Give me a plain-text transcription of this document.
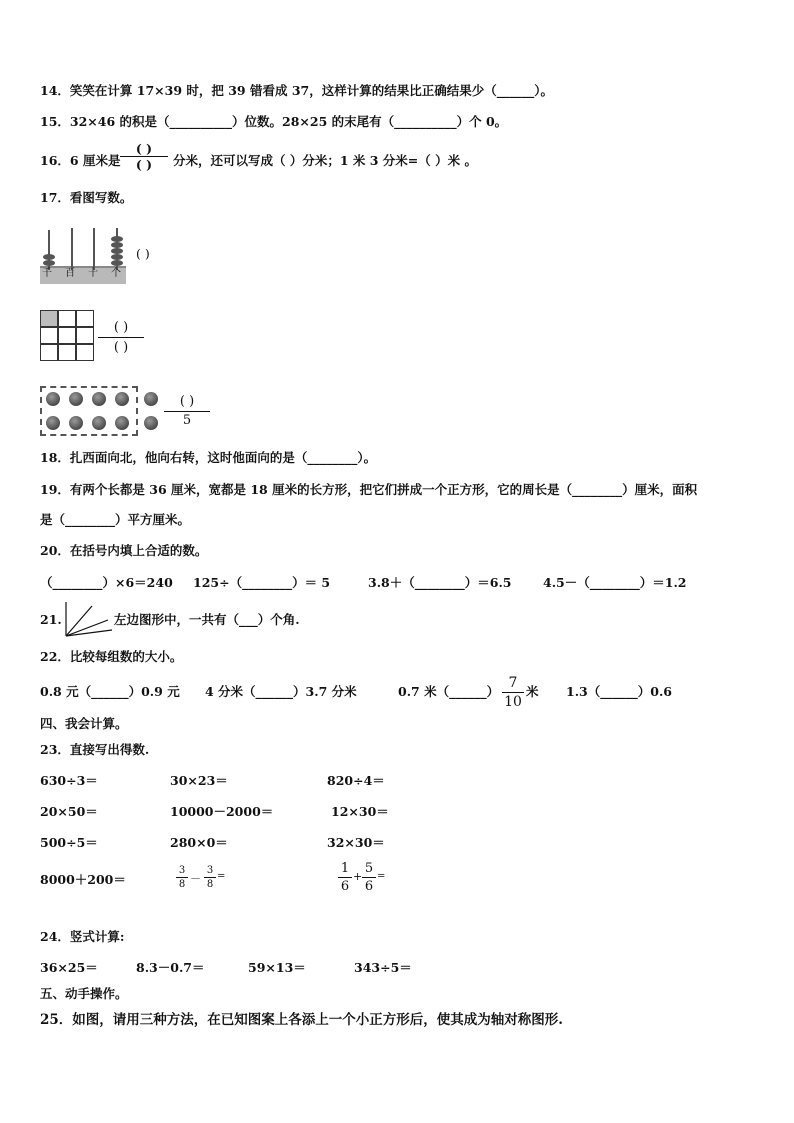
14．笑笑在计算 17×39 时，把 39 错看成 37，这样计算的结果比正确结果少（______）。
15．32×46 的积是（__________）位数。28×25 的末尾有（__________）个 0。
16．6 厘米是
( )
( )	分米，还可以写成（ ）分米；1 米 3 分米=（ ）米 。
17．看图写数。
千 百 十 个
( )
( )
( )
( )
5
18．扎西面向北，他向右转，这时他面向的是（________）。
19．有两个长都是 36 厘米，宽都是 18 厘米的长方形，把它们拼成一个正方形，它的周长是（________）厘米，面积
是（________）平方厘米。
20．在括号内填上合适的数。
（________）×6＝240 125÷（________）＝ 5	3.8＋（________）＝6.5	4.5－（________）＝1.2
21.	左边图形中，一共有（___）个角.
22．比较每组数的大小。
0.8 元（______）0.9 元 4 分米（______）3.7 分米	0.7 米（______） $\frac{7}{10}$ 米 1.3（______）0.6
四、我会计算。
23．直接写出得数.
630÷3＝	30×23＝	820÷4＝
20×50＝	10000－2000＝	12×30＝
500÷5＝	280×0＝	32×30＝
8000＋200＝	$\frac{3}{8} - \frac{3}{8}$ =	$\frac{1}{6} + \frac{5}{6}$ =
24．竖式计算:
36×25＝	8.3－0.7＝	59×13＝	343÷5＝
五、动手操作。
25．如图，请用三种方法，在已知图案上各添上一个小正方形后，使其成为轴对称图形.
